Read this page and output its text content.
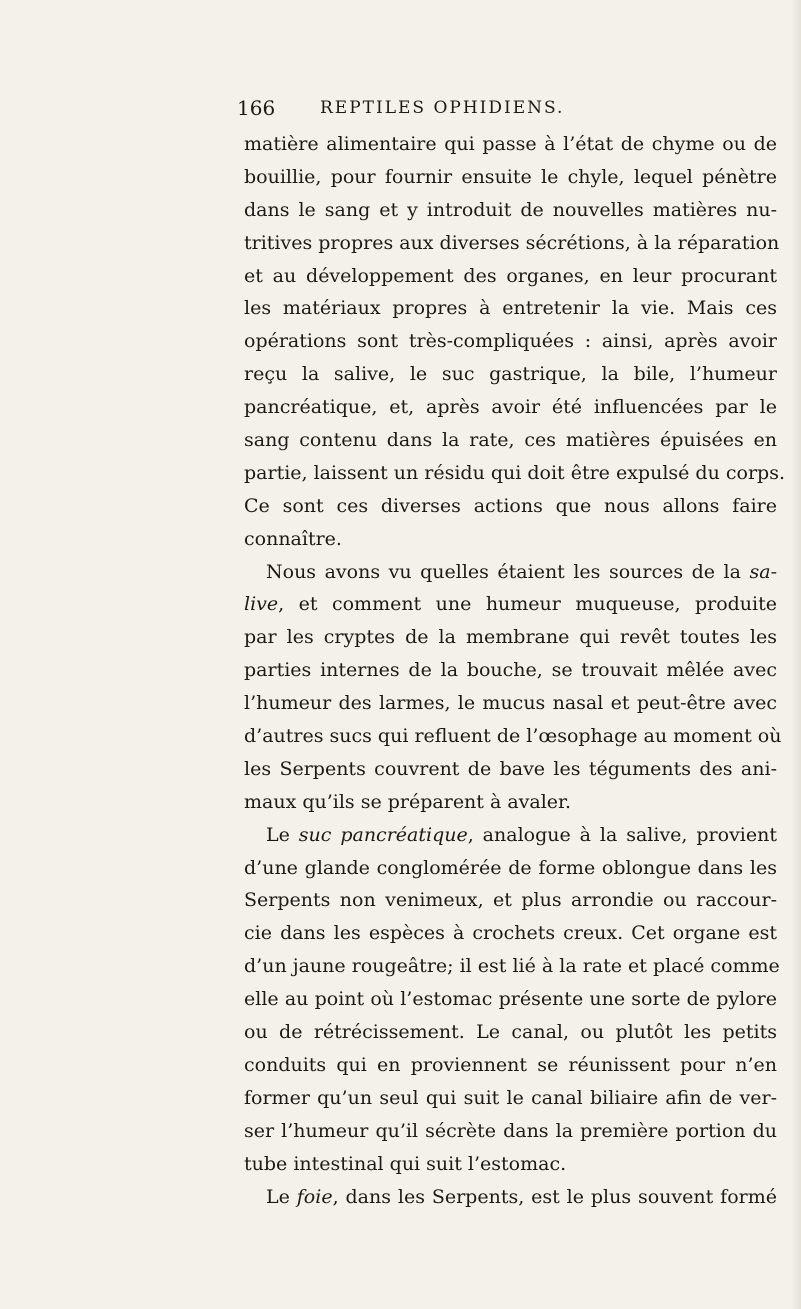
166	REPTILES OPHIDIENS.
matière alimentaire qui passe à l’état de chyme ou de
bouillie, pour fournir ensuite le chyle, lequel pénètre
dans le sang et y introduit de nouvelles matières nu-
tritives propres aux diverses sécrétions, à la réparation
et au développement des organes, en leur procurant
les matériaux propres à entretenir la vie. Mais ces
opérations sont très-compliquées : ainsi, après avoir
reçu la salive, le suc gastrique, la bile, l’humeur
pancréatique, et, après avoir été influencées par le
sang contenu dans la rate, ces matières épuisées en
partie, laissent un résidu qui doit être expulsé du corps.
Ce sont ces diverses actions que nous allons faire
connaître.
Nous avons vu quelles étaient les sources de la sa-
live, et comment une humeur muqueuse, produite
par les cryptes de la membrane qui revêt toutes les
parties internes de la bouche, se trouvait mêlée avec
l’humeur des larmes, le mucus nasal et peut-être avec
d’autres sucs qui refluent de l’œsophage au moment où
les Serpents couvrent de bave les téguments des ani-
maux qu’ils se préparent à avaler.
Le suc pancréatique, analogue à la salive, provient
d’une glande conglomérée de forme oblongue dans les
Serpents non venimeux, et plus arrondie ou raccour-
cie dans les espèces à crochets creux. Cet organe est
d’un jaune rougeâtre; il est lié à la rate et placé comme
elle au point où l’estomac présente une sorte de pylore
ou de rétrécissement. Le canal, ou plutôt les petits
conduits qui en proviennent se réunissent pour n’en
former qu’un seul qui suit le canal biliaire afin de ver-
ser l’humeur qu’il sécrète dans la première portion du
tube intestinal qui suit l’estomac.
Le foie, dans les Serpents, est le plus souvent formé
